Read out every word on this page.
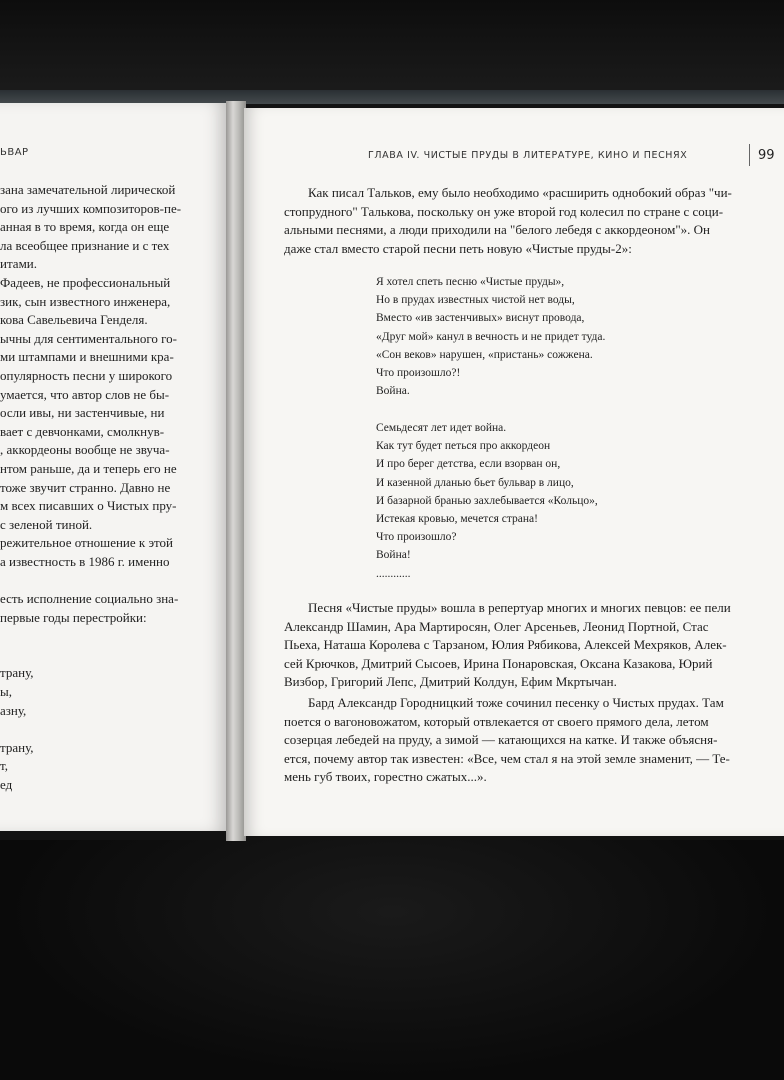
ЬВАР
зана замечательной лирической
ого из лучших композиторов-пе-
анная в то время, когда он еще
ла всеобщее признание и с тех
итами.
Фадеев, не профессиональный
зик, сын известного инженера,
кова Савельевича Генделя.
ычны для сентиментального го-
ми штампами и внешними кра-
опулярность песни у широкого
умается, что автор слов не бы-
осли ивы, ни застенчивые, ни
вает с девчонками, смолкнув-
, аккордеоны вообще не звуча-
нтом раньше, да и теперь его не
тоже звучит странно. Давно не
м всех писавших о Чистых пру-
с зеленой тиной.
режительное отношение к этой
а известность в 1986 г. именно

есть исполнение социально зна-
первые годы перестройки:

трану,
ы,
азну,

трану,
т,
ед
ГЛАВА IV. ЧИСТЫЕ ПРУДЫ В ЛИТЕРАТУРЕ, КИНО И ПЕСНЯХ	99
Как писал Тальков, ему было необходимо «расширить однобокий образ "чи-
стопрудного" Талькова, поскольку он уже второй год колесил по стране с соци-
альными песнями, а люди приходили на "белого лебедя с аккордеоном"». Он
даже стал вместо старой песни петь новую «Чистые пруды-2»:
Я хотел спеть песню «Чистые пруды»,
Но в прудах известных чистой нет воды,
Вместо «ив застенчивых» виснут провода,
«Друг мой» канул в вечность и не придет туда.
«Сон веков» нарушен, «пристань» сожжена.
Что произошло?!
Война.
Семьдесят лет идет война.
Как тут будет петься про аккордеон
И про берег детства, если взорван он,
И казенной дланью бьет бульвар в лицо,
И базарной бранью захлебывается «Кольцо»,
Истекая кровью, мечется страна!
Что произошло?
Война!
............
Песня «Чистые пруды» вошла в репертуар многих и многих певцов: ее пели
Александр Шамин, Ара Мартиросян, Олег Арсеньев, Леонид Портной, Стас
Пьеха, Наташа Королева с Тарзаном, Юлия Рябикова, Алексей Мехряков, Алек-
сей Крючков, Дмитрий Сысоев, Ирина Понаровская, Оксана Казакова, Юрий
Визбор, Григорий Лепс, Дмитрий Колдун, Ефим Мкртычан.
Бард Александр Городницкий тоже сочинил песенку о Чистых прудах. Там
поется о вагоновожатом, который отвлекается от своего прямого дела, летом
созерцая лебедей на пруду, а зимой — катающихся на катке. И также объясня-
ется, почему автор так известен: «Все, чем стал я на этой земле знаменит, — Те-
мень губ твоих, горестно сжатых...».
